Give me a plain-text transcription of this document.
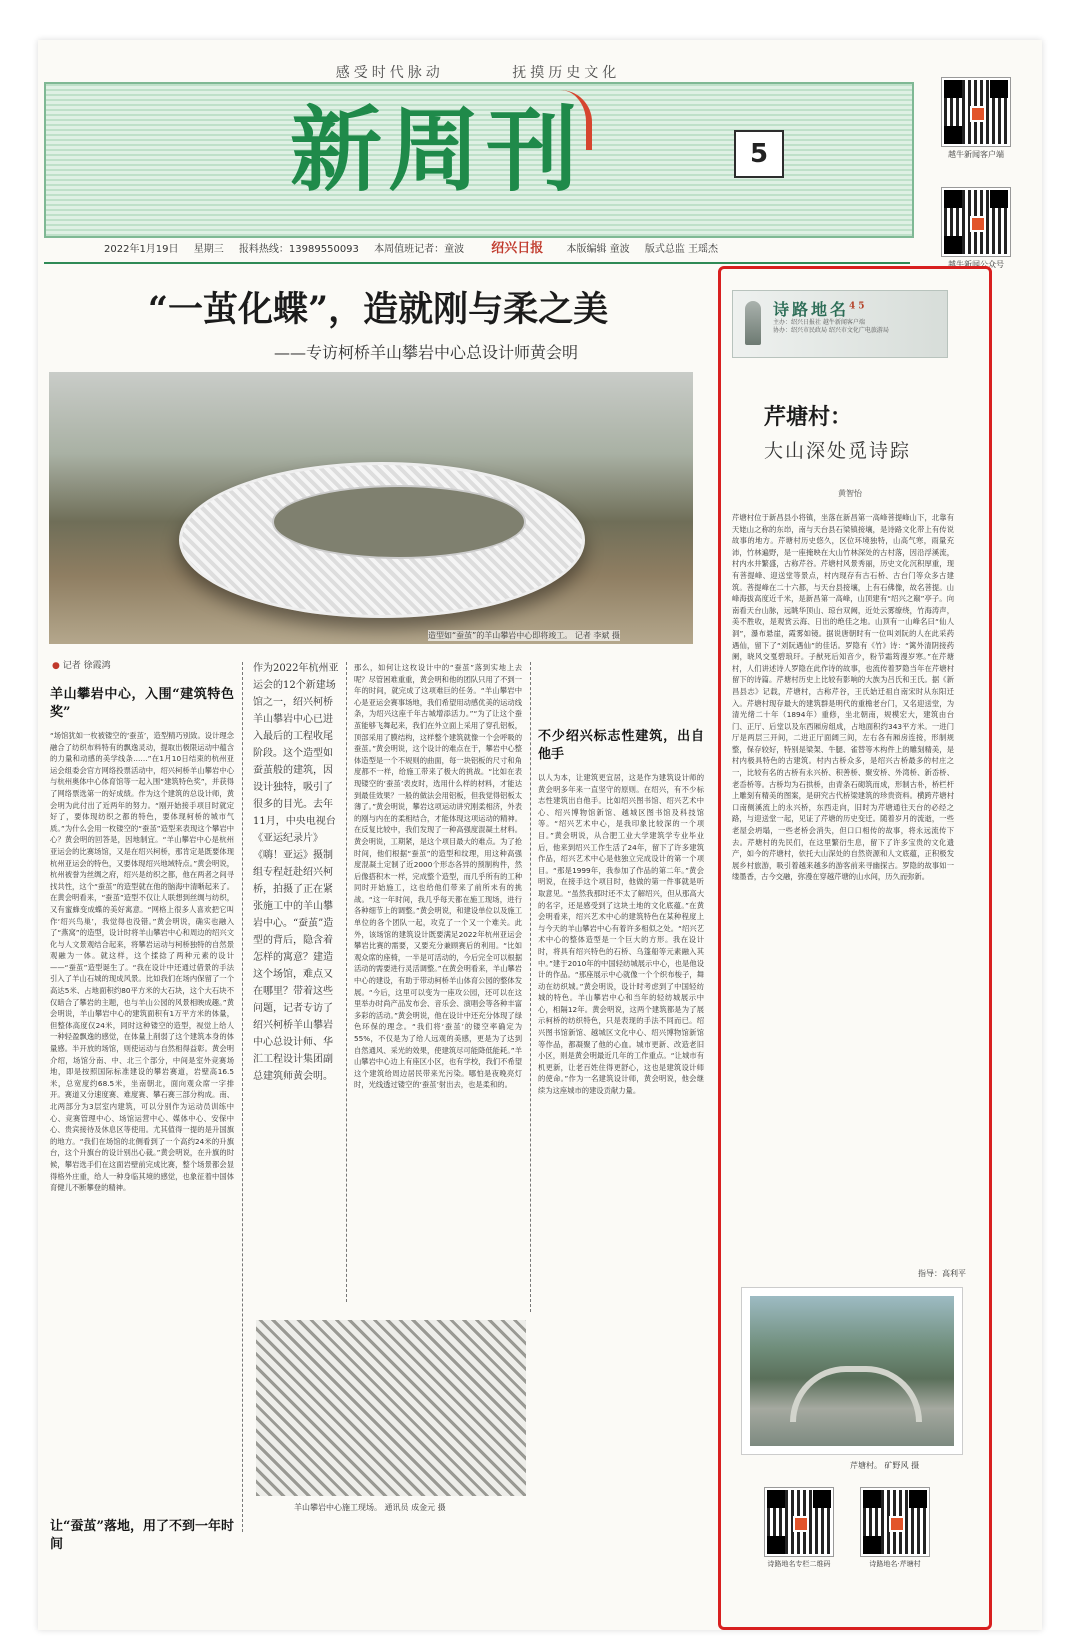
感受时代脉动	抚摸历史文化
新周刊	5
2022年1月19日 星期三 报料热线：13989550093 本周值班记者：童波 绍兴日报 本版编辑 童波 版式总监 王瑶杰
越牛新闻客户端
越牛新闻公众号
“一茧化蝶”，造就刚与柔之美
——专访柯桥羊山攀岩中心总设计师黄会明
造型如“蚕茧”的羊山攀岩中心即将竣工。 记者 李斌 摄
● 记者 徐霞鸿
羊山攀岩中心，入围“建筑特色奖”
“场馆犹如一枚被镂空的‘蚕茧’，造型精巧别致。设计理念融合了纺织布料特有的飘逸灵动，提取出极限运动中蕴含的力量和动感的美学线条……”在1月10日结束的杭州亚运会组委会官方网络投票活动中，绍兴柯桥羊山攀岩中心与杭州奥体中心体育馆等一起入围“建筑特色奖”，并获得了网络票选第一的好成绩。作为这个建筑的总设计师，黄会明为此付出了近两年的努力。“刚开始接手项目时就定好了，要体现纺织之都的特色，要体现柯桥的城市气质。”为什么会用一枚镂空的“蚕茧”造型来表现这个攀岩中心？黄会明的回答是，因地制宜。“羊山攀岩中心是杭州亚运会的比赛场馆，又是在绍兴柯桥，那肯定是既要体现杭州亚运会的特色，又要体现绍兴地域特点。”黄会明说，杭州被誉为丝绸之府，绍兴是纺织之都，他在两者之间寻找共性，这个“蚕茧”的造型就在他的脑海中清晰起来了。在黄会明看来，“蚕茧”造型不仅让人联想到丝绸与纺织，又有蜜蜂变成蝶的美好寓意。“网格上很多人喜欢把它叫作‘绍兴鸟巢’，我觉得也没错。”黄会明说，确实也融入了“燕窝”的造型，设计时将羊山攀岩中心和周边的绍兴文化与人文景观结合起来，将攀岩运动与柯桥独特的自然景观融为一体。就这样，这个揉捻了两种元素的设计——“蚕茧”造型诞生了。“我在设计中还通过借景的手法引入了羊山石城的现成风景。比如我们在场内保留了一个高达5米、占地面积约80平方米的大石块，这个大石块不仅暗合了攀岩的主题，也与羊山公园的风景相映成趣。”黄会明说，羊山攀岩中心的建筑面积有1万平方米的体量，但整体高度仅24米，同时这种镂空的造型，视觉上给人一种轻盈飘逸的感觉，在体量上削弱了这个建筑本身的体量感。半开放的场馆，则使运动与自然相得益彰。黄会明介绍，场馆分南、中、北三个部分，中间是室外竞赛场地，即是按照国际标准建设的攀岩赛道，岩壁高16.5米，总宽度约68.5米，坐南朝北，面向观众席一字排开。赛道又分速度赛、难度赛、攀石赛三部分构成。南、北两部分为3层室内建筑，可以分别作为运动员训练中心、竞赛管理中心、场馆运营中心、媒体中心、安保中心、贵宾接待及休息区等使用。尤其值得一提的是升国旗的地方。“我们在场馆的北侧看到了一个高约24米的升旗台，这个升旗台的设计别出心裁。”黄会明说，在升旗的时候，攀岩选手们在这面岩壁前完成比赛，整个场景都会显得格外庄重，给人一种身临其境的感觉，也象征着中国体育健儿不断攀登的精神。
让“蚕茧”落地，用了不到一年时间
作为2022年杭州亚运会的12个新建场馆之一，绍兴柯桥羊山攀岩中心已进入最后的工程收尾阶段。这个造型如蚕茧般的建筑，因设计独特，吸引了很多的目光。去年11月，中央电视台《亚运纪录片》《嗨！亚运》摄制组专程赶赴绍兴柯桥，拍摄了正在紧张施工中的羊山攀岩中心。“蚕茧”造型的背后，隐含着怎样的寓意？建造这个场馆，难点又在哪里？带着这些问题，记者专访了绍兴柯桥羊山攀岩中心总设计师、华汇工程设计集团副总建筑师黄会明。
那么，如何让这枚设计中的“蚕茧”落到实地上去呢？尽管困难重重，黄会明和他的团队只用了不到一年的时间，就完成了这项难巨的任务。“羊山攀岩中心是亚运会赛事场地，我们希望用动感优美的运动线条，为绍兴这座千年古城增添活力。”“为了让这个蚕茧能够飞舞起来，我们在外立面上采用了穿孔铝板，顶部采用了膜结构，这样整个建筑就像一个会呼吸的蚕茧。”黄会明说，这个设计的难点在于，攀岩中心整体造型是一个不规则的曲面，每一块铝板的尺寸和角度都不一样，给施工带来了极大的挑战。“比如在表现镂空的‘蚕茧’表皮时，选用什么样的材料，才能达到最佳效果？一般的做法会用铝板，但我觉得铝板太薄了。”黄会明说，攀岩这项运动讲究刚柔相济，外表的刚与内在的柔相结合，才能体现这项运动的精神。在反复比较中，我们发现了一种高强度混凝土材料。黄会明说，工期紧，是这个项目最大的难点。为了抢时间，他们根据“蚕茧”的造型和纹理，用这种高强度混凝土定制了近2000个形态各异的预制构件，然后像搭积木一样，完成整个造型，而几乎所有的工种同时开始施工，这也给他们带来了前所未有的挑战。“这一年时间，我几乎每天都在施工现场，进行各种细节上的调整。”黄会明说，和建设单位以及施工单位的各个团队一起，攻克了一个又一个难关。此外，该场馆的建筑设计既要满足2022年杭州亚运会攀岩比赛的需要，又要充分兼顾赛后的利用。“比如观众席的座椅，一半是可活动的，今后完全可以根据活动的需要进行灵活调整。”在黄会明看来，羊山攀岩中心的建设，有助于带动柯桥羊山体育公园的整体发展。“今后，这里可以变为一座攻公园，还可以在这里举办时尚产品发布会、音乐会、演唱会等各种丰富多彩的活动。”黄会明说，他在设计中还充分体现了绿色环保的理念。“我们将‘蚕茧’的镂空率确定为55%，不仅是为了给人远观的美感，更是为了达到自然通风、采光的效果，使建筑尽可能降低能耗。”羊山攀岩中心边上有座区小区，也有学校，我们不希望这个建筑给周边居民带来光污染。哪怕是夜晚亮灯时，光线透过镂空的‘蚕茧’射出去，也是柔和的。
不少绍兴标志性建筑，出自他手
以人为本，让建筑更宜居，这是作为建筑设计师的黄会明多年来一直坚守的原则。在绍兴，有不少标志性建筑出自他手。比如绍兴图书馆、绍兴艺术中心、绍兴博物馆新馆、越城区图书馆及科技馆等。“绍兴艺术中心，是我印象比较深的一个项目。”黄会明说，从合肥工业大学建筑学专业毕业后，他来到绍兴工作生活了24年，留下了许多建筑作品，绍兴艺术中心是他独立完成设计的第一个项目。“那是1999年，我参加了作品的第二年。”黄会明说，在接手这个项目时，他做的第一件事就是听取意见。“虽然我那时还不太了解绍兴，但从那高大的名字，还是感受到了这块土地的文化底蕴。”在黄会明看来，绍兴艺术中心的建筑特色在某种程度上与今天的羊山攀岩中心有着许多相似之处。“绍兴艺术中心的整体造型是一个巨大的方形。我在设计时，将具有绍兴特色的石桥、乌篷船等元素融入其中。”建于2010年的中国轻纺城展示中心，也是他设计的作品。“那座展示中心就像一个个织布梭子，舞动在纺织城。”黄会明说，设计时考虑到了中国轻纺城的特色。羊山攀岩中心和当年的轻纺城展示中心，相隔12年。黄会明说，这两个建筑都是为了展示柯桥的纺织特色，只是表现的手法不同而已。绍兴图书馆新馆、越城区文化中心、绍兴博物馆新馆等作品，都凝聚了他的心血。城市更新、改造老旧小区，则是黄会明最近几年的工作重点。“让城市有机更新，让老百姓住得更舒心，这也是建筑设计师的使命。”作为一名建筑设计师，黄会明说，他会继续为这座城市的建设贡献力量。
羊山攀岩中心施工现场。 通讯员 成金元 摄
诗路地名$^{45}$
主办：绍兴日报社 越牛新闻客户端
协办：绍兴市民政局 绍兴市文化广电旅游局
芹塘村：
大山深处觅诗踪
黄智怡
芹塘村位于新昌县小将镇，坐落在新昌第一高峰菩提峰山下，北靠有天姥山之称的东岇，南与天台县石梁镇接壤，是诗路文化带上有传说故事的地方。芹塘村历史悠久，区位环境独特，山高气寒，雨量充沛，竹林遍野，是一座掩映在大山竹林深处的古村落，因沿浮溪流，村内水井繁盛，古称芹谷。芹塘村风景秀丽，历史文化沉积厚重，现有菩提峰、迎送堂等景点，村内现存有古石桥、古台门等众多古建筑。菩提峰在二十六都，与天台县接壤，上有石佛像，故名菩提。山峰海拔高度近千米，是新昌第一高峰，山顶建有“绍兴之巅”亭子。向南看天台山脉，远眺华顶山、琼台双阙，近处云雾缭绕，竹海涛声，美不胜收，是观赏云海、日出的绝佳之地。山顶有一山峰名曰“仙人洞”，瀑布悬崖，霞雾如镜。据说唐朝时有一位叫刘阮的人在此采药遇仙，留下了“刘阮遇仙”的佳话。罗隐有《竹》诗：“篱外清阴接药阑，晓风交戛碧琅玕。子猷死后知音少，粉节霜筠漫岁寒。”在芹塘村，人们讲述诗人罗隐在此作诗的故事，也流传着罗隐当年在芹塘村留下的诗篇。芹塘村历史上比较有影响的大族为吕氏和王氏。据《新昌县志》记载，芹塘村，古称芹谷，王氏始迁祖自南宋时从东阳迁入。芹塘村现存最大的建筑群是明代的重檐老台门，又名迎送堂，为清光绪二十年（1894年）重修，坐北朝南，规模宏大，建筑由台门、正厅、后堂以及东西厢房组成，占地面积约343平方米。一进门厅是两层三开间，二进正厅面阔三间，左右各有厢房连接，形制规整，保存较好，特别是梁架、牛腿、雀替等木构件上的雕刻精美，是村内极具特色的古建筑。村内古桥众多，是绍兴古桥最多的村庄之一，比较有名的古桥有永兴桥、积善桥、聚安桥、外湾桥、新岙桥、老岙桥等。古桥均为石拱桥，由青条石砌筑而成，形制古朴，桥栏杆上雕刻有精美的图案，是研究古代桥梁建筑的珍贵资料。横跨芹塘村口南侧溪流上的永兴桥，东西走向，旧时为芹塘通往天台的必经之路，与迎送堂一起，见证了芹塘的历史变迁。随着岁月的流逝，一些老屋会坍塌，一些老桥会消失，但口口相传的故事，将永远流传下去。芹塘村的先民们，在这里繁衍生息，留下了许多宝贵的文化遗产，如今的芹塘村，依托大山深处的自然资源和人文底蕴，正积极发展乡村旅游，吸引着越来越多的游客前来寻幽探古。罗隐的故事如一缕墨香，古今交融，弥漫在穿越芹塘的山水间，历久而弥新。
指导：高利平
芹塘村。 矿野风 摄
诗路地名专栏二维码	诗路地名·芹塘村
